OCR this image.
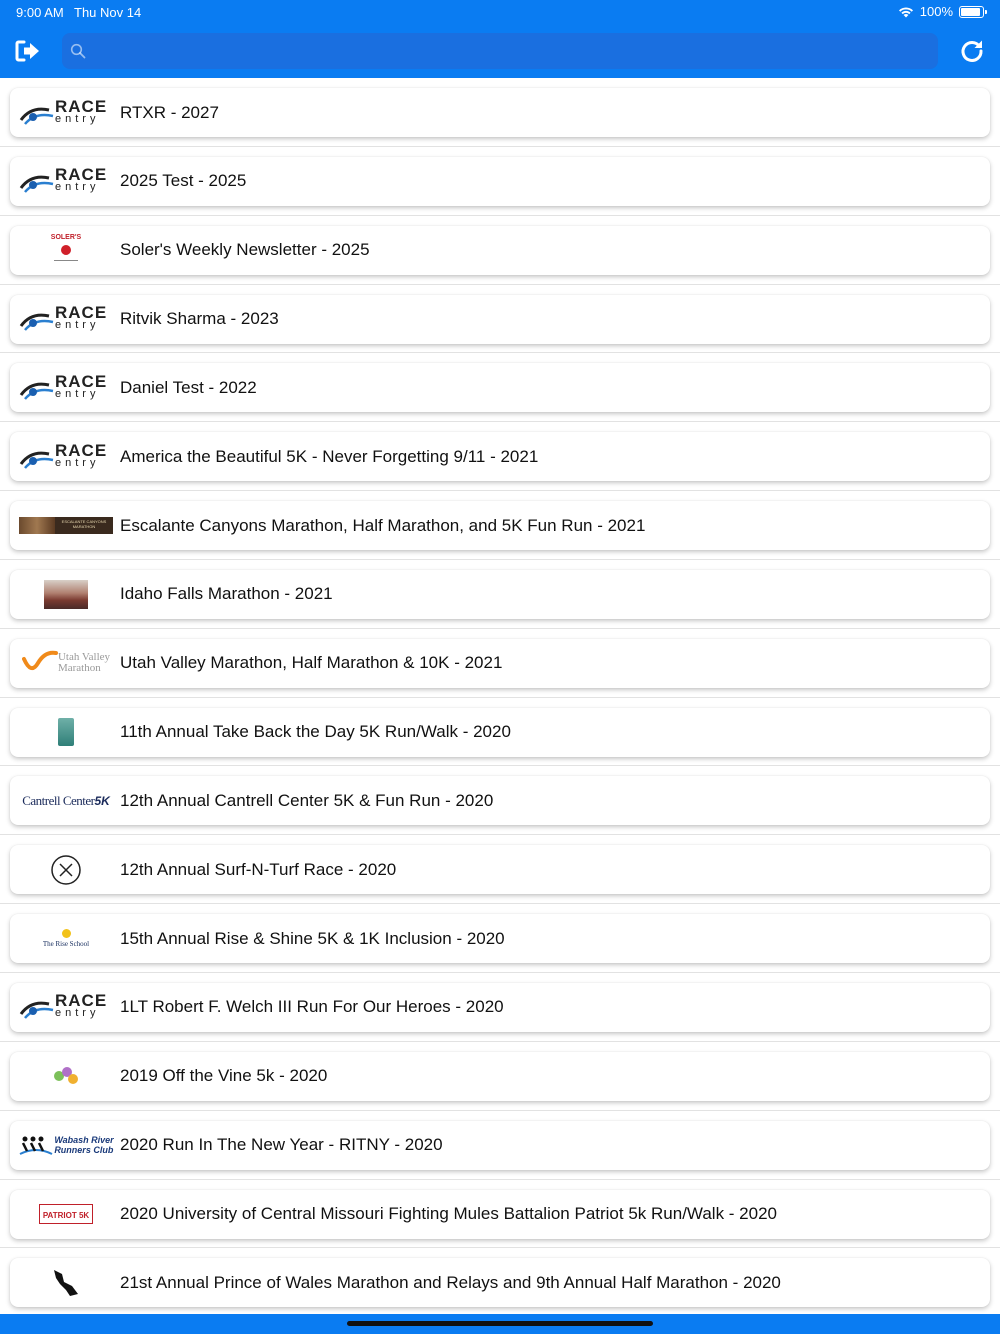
9:00 AM Thu Nov 14	100%
RACE
entry RTXR - 2027
RACE
entry 2025 Test - 2025
SOLER'S
Soler's Weekly Newsletter - 2025
RACE
entry Ritvik Sharma - 2023
RACE
entry Daniel Test - 2022
RACE
entry America the Beautiful 5K - Never Forgetting 9/11 - 2021
ESCALANTE CANYONS MARATHON	Escalante Canyons Marathon, Half Marathon, and 5K Fun Run - 2021
Idaho Falls Marathon - 2021
Utah Valley
Marathon	Utah Valley Marathon, Half Marathon & 10K - 2021
11th Annual Take Back the Day 5K Run/Walk - 2020
Cantrell Center 5K 12th Annual Cantrell Center 5K & Fun Run - 2020
12th Annual Surf-N-Turf Race - 2020
The Rise School 15th Annual Rise & Shine 5K & 1K Inclusion - 2020
RACE
entry 1LT Robert F. Welch III Run For Our Heroes - 2020
2019 Off the Vine 5k - 2020
Wabash River
Runners Club 2020 Run In The New Year - RITNY - 2020
PATRIOT 5K 2020 University of Central Missouri Fighting Mules Battalion Patriot 5k Run/Walk - 2020
21st Annual Prince of Wales Marathon and Relays and 9th Annual Half Marathon - 2020
